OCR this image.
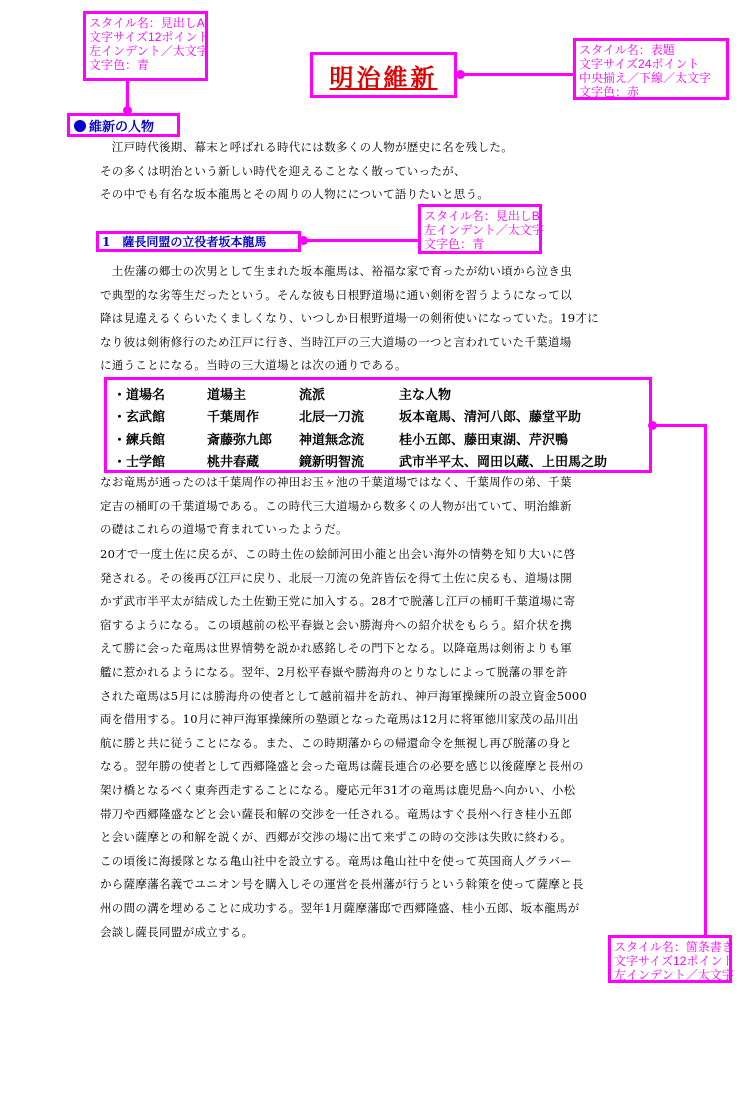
スタイル名：見出しA
文字サイズ12ポイント
左インデント／太文字
文字色：青
スタイル名：表題
文字サイズ24ポイント
中央揃え／下線／太文字
文字色：赤
明治維新
維新の人物

　江戸時代後期、幕末と呼ばれる時代には数多くの人物が歴史に名を残した。

その多くは明治という新しい時代を迎えることなく散っていったが、

その中でも有名な坂本龍馬とその周りの人物にについて語りたいと思う。

スタイル名：見出しB
左インデント／太文字
文字色：青
1　薩長同盟の立役者坂本龍馬

　土佐藩の郷士の次男として生まれた坂本龍馬は、裕福な家で育ったが幼い頃から泣き虫

で典型的な劣等生だったという。そんな彼も日根野道場に通い剣術を習うようになって以

降は見違えるくらいたくましくなり、いつしか日根野道場一の剣術使いになっていた。19才に

なり彼は剣術修行のため江戸に行き、当時江戸の三大道場の一つと言われていた千葉道場

に通うことになる。当時の三大道場とは次の通りである。

・道場名	道場主	流派	主な人物
・玄武館	千葉周作	北辰一刀流	坂本竜馬、清河八郎、藤堂平助
・練兵館	斎藤弥九郎	神道無念流	桂小五郎、藤田東湖、芹沢鴨
・士学館	桃井春蔵	鏡新明智流	武市半平太、岡田以蔵、上田馬之助

なお竜馬が通ったのは千葉周作の神田お玉ヶ池の千葉道場ではなく、千葉周作の弟、千葉

定吉の桶町の千葉道場である。この時代三大道場から数多くの人物が出ていて、明治維新

の礎はこれらの道場で育まれていったようだ。

20才で一度土佐に戻るが、この時土佐の絵師河田小龍と出会い海外の情勢を知り大いに啓

発される。その後再び江戸に戻り、北辰一刀流の免許皆伝を得て土佐に戻るも、道場は開

かず武市半平太が結成した土佐勤王党に加入する。28才で脱藩し江戸の桶町千葉道場に寄

宿するようになる。この頃越前の松平春嶽と会い勝海舟への紹介状をもらう。紹介状を携

えて勝に会った竜馬は世界情勢を説かれ感銘しその門下となる。以降竜馬は剣術よりも軍

艦に惹かれるようになる。翌年、2月松平春嶽や勝海舟のとりなしによって脱藩の罪を許

された竜馬は5月には勝海舟の使者として越前福井を訪れ、神戸海軍操練所の設立資金5000

両を借用する。10月に神戸海軍操練所の塾頭となった竜馬は12月に将軍徳川家茂の品川出

航に勝と共に従うことになる。また、この時期藩からの帰還命令を無視し再び脱藩の身と

なる。翌年勝の使者として西郷隆盛と会った竜馬は薩長連合の必要を感じ以後薩摩と長州の

架け橋となるべく東奔西走することになる。慶応元年31才の竜馬は鹿児島へ向かい、小松

帯刀や西郷隆盛などと会い薩長和解の交渉を一任される。竜馬はすぐ長州へ行き桂小五郎

と会い薩摩との和解を説くが、西郷が交渉の場に出て来ずこの時の交渉は失敗に終わる。

この頃後に海援隊となる亀山社中を設立する。竜馬は亀山社中を使って英国商人グラバー

から薩摩藩名義でユニオン号を購入しその運営を長州藩が行うという斡策を使って薩摩と長

州の間の溝を埋めることに成功する。翌年1月薩摩藩邸で西郷隆盛、桂小五郎、坂本龍馬が

会談し薩長同盟が成立する。

スタイル名：箇条書き
文字サイズ12ポイント
左インデント／太文字
